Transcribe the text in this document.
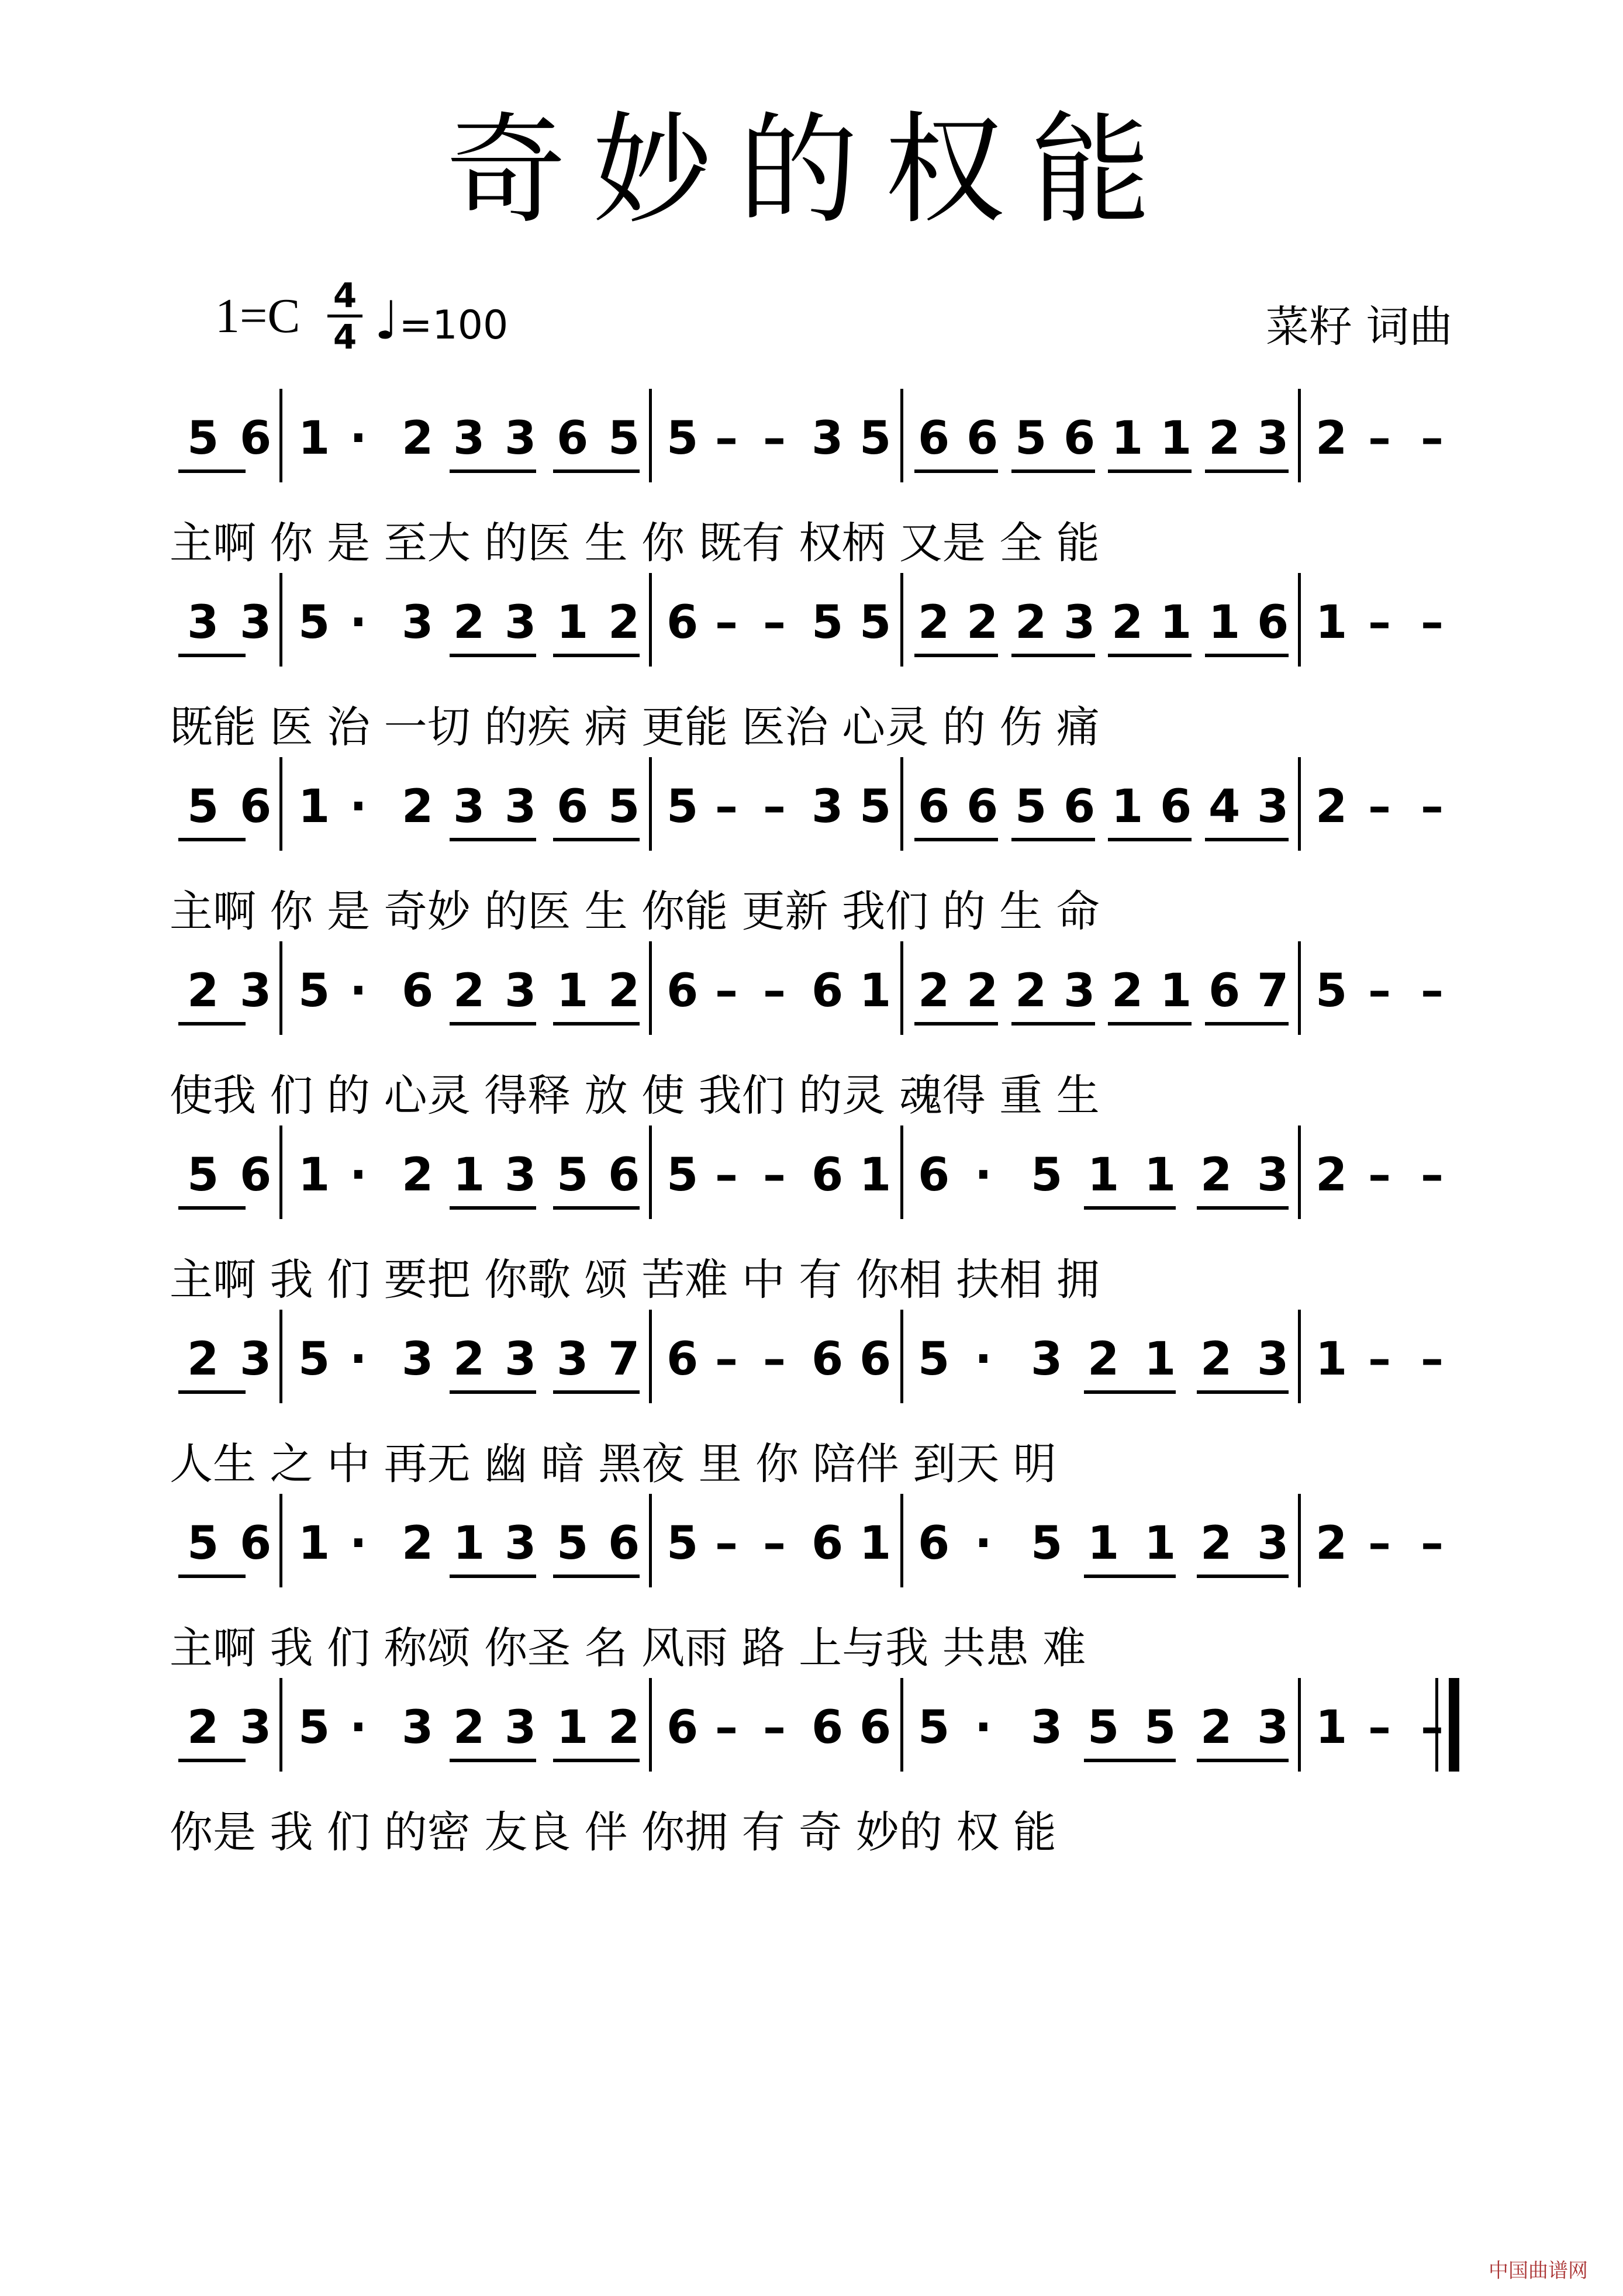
奇妙的权能
1=C 4
4 ♩=100	菜籽 词曲
5 6 1 · 2 3 3 6 5 5 – – 3 5 6 6 5 6 1 1 2 3 2 – –
主啊 你 是 至大 的医 生 你 既有 权柄 又是 全 能
3 3 5 · 3 2 3 1 2 6 – – 5 5 2 2 2 3 2 1 1 6 1 – –
既能 医 治 一切 的疾 病 更能 医治 心灵 的 伤 痛
5 6 1 · 2 3 3 6 5 5 – – 3 5 6 6 5 6 1 6 4 3 2 – –
主啊 你 是 奇妙 的医 生 你能 更新 我们 的 生 命
2 3 5 · 6 2 3 1 2 6 – – 6 1 2 2 2 3 2 1 6 7 5 – –
使我 们 的 心灵 得释 放 使 我们 的灵 魂得 重 生
5 6 1 · 2 1 3 5 6 5 – – 6 1 6 · 5 1 1 2 3 2 – –
主啊 我 们 要把 你歌 颂 苦难 中 有 你相 扶相 拥
2 3 5 · 3 2 3 3 7 6 – – 6 6 5 · 3 2 1 2 3 1 – –
人生 之 中 再无 幽 暗 黑夜 里 你 陪伴 到天 明
5 6 1 · 2 1 3 5 6 5 – – 6 1 6 · 5 1 1 2 3 2 – –
主啊 我 们 称颂 你圣 名 风雨 路 上与我 共患 难
2 3 5 · 3 2 3 1 2 6 – – 6 6 5 · 3 5 5 2 3 1 – –
你是 我 们 的密 友良 伴 你拥 有 奇 妙的 权 能
中国曲谱网
